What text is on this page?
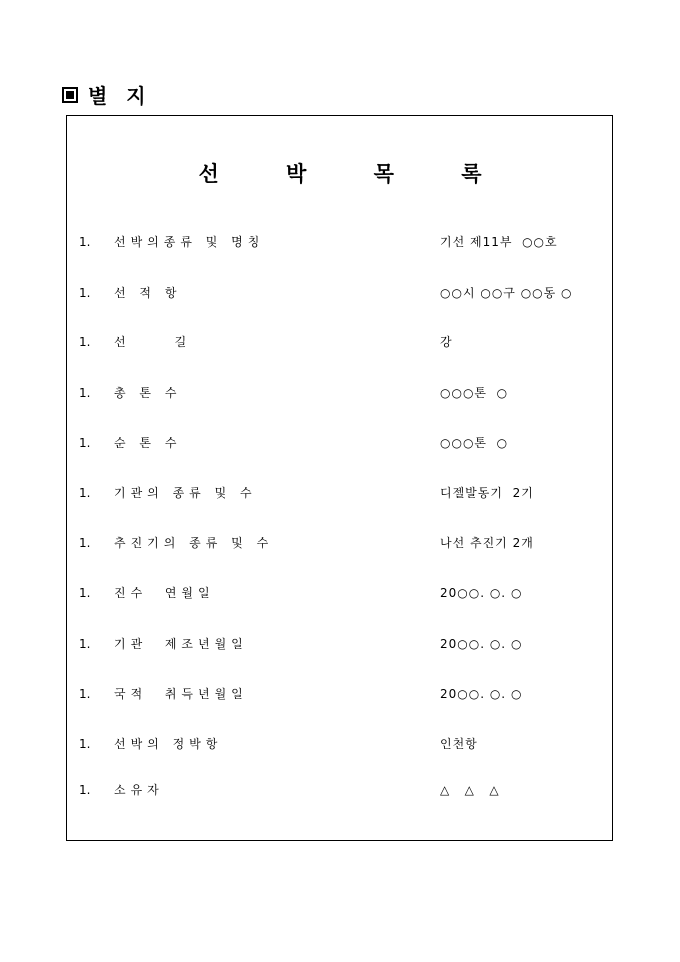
별 지
선	박	목	록
1. 선박의종류 및 명칭	기선 제11부  ○○호
1. 선 적 항	○○시 ○○구 ○○동 ○
1. 선     길	강
1. 총 톤 수	○○○톤  ○
1. 순 톤 수	○○○톤  ○
1. 기관의 종류 및 수	디젤발동기  2기
1. 추진기의 종류 및 수	나선 추진기 2개
1. 진수  연월일	20○○. ○. ○
1. 기관  제조년월일	20○○. ○. ○
1. 국적  취득년월일	20○○. ○. ○
1. 선박의 정박항	인천항
1. 소유자	△   △   △
